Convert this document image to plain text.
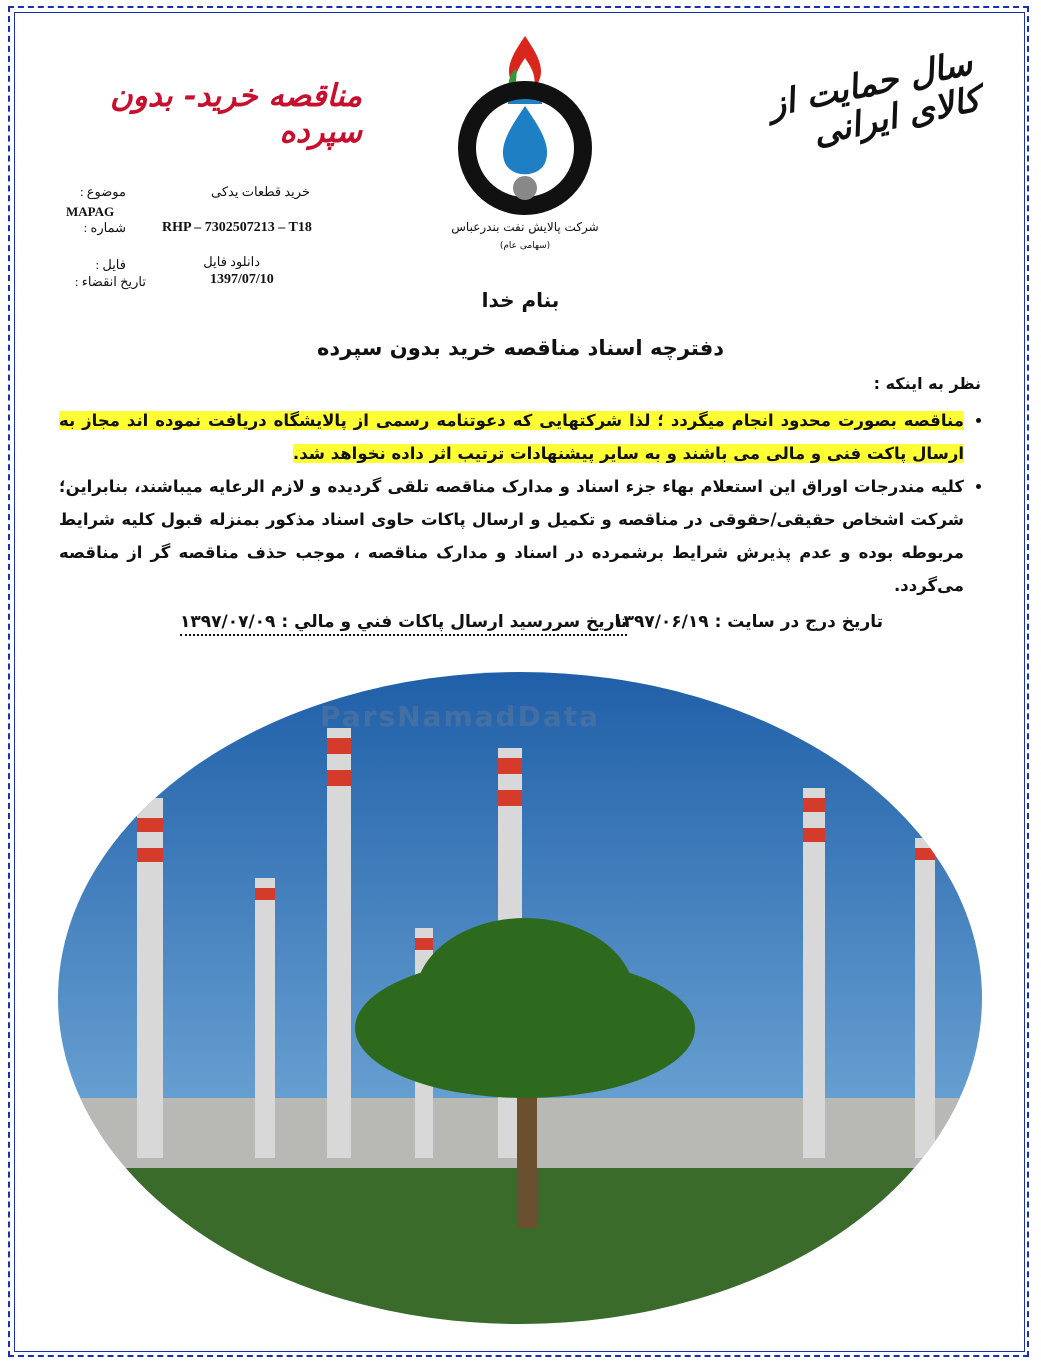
سال حمایت از کالای ایرانی
مناقصه خرید- بدون سپرده
B.O.R.C
شرکت پالایش نفت بندرعباس
(سهامی عام)
موضوع :	خرید قطعات یدکی
MAPAG
شماره :	RHP – 7302507213 – T18
فایل :	دانلود فایل
تاریخ انقضاء :	1397/07/10
بنام خدا
دفترچه اسناد مناقصه خرید بدون سپرده
نظر به اینکه :
• مناقصه بصورت محدود انجام میگردد ؛ لذا شرکتهایی که دعوتنامه رسمی از پالایشگاه دریافت نموده اند مجاز به ارسال پاکت فنی و مالی می باشند و به سایر پیشنهادات ترتیب اثر داده نخواهد شد.
• کلیه مندرجات اوراق این استعلام بهاء جزء اسناد و مدارک مناقصه تلقی گردیده و لازم الرعایه میباشند، بنابراین؛ شرکت اشخاص حقیقی/حقوقی در مناقصه و تکمیل و ارسال پاکات حاوی اسناد مذکور بمنزله قبول کلیه شرایط مربوطه بوده و عدم پذیرش شرایط برشمرده در اسناد و مدارک مناقصه ، موجب حذف مناقصه گر از مناقصه می‌گردد.
تاریخ درج در سایت : ۱۳۹۷/۰۶/۱۹
تاریخ سررسید ارسال پاکات فني و مالي : ۱۳۹۷/۰۷/۰۹
ParsNamadData
